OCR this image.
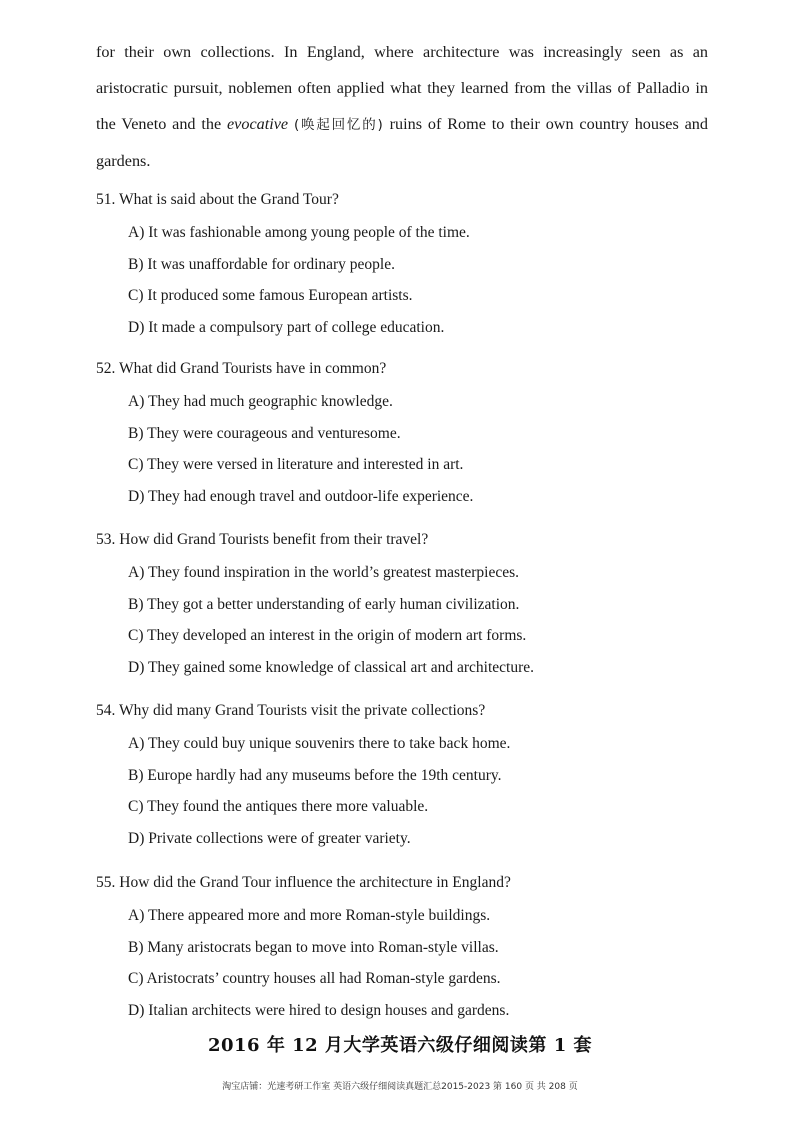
for their own collections. In England, where architecture was increasingly seen as an aristocratic pursuit, noblemen often applied what they learned from the villas of Palladio in the Veneto and the evocative (唤起回忆的) ruins of Rome to their own country houses and gardens.

51. What is said about the Grand Tour?
A) It was fashionable among young people of the time.
B) It was unaffordable for ordinary people.
C) It produced some famous European artists.
D) It made a compulsory part of college education.
52. What did Grand Tourists have in common?
A) They had much geographic knowledge.
B) They were courageous and venturesome.
C) They were versed in literature and interested in art.
D) They had enough travel and outdoor-life experience.
53. How did Grand Tourists benefit from their travel?
A) They found inspiration in the world’s greatest masterpieces.
B) They got a better understanding of early human civilization.
C) They developed an interest in the origin of modern art forms.
D) They gained some knowledge of classical art and architecture.
54. Why did many Grand Tourists visit the private collections?
A) They could buy unique souvenirs there to take back home.
B) Europe hardly had any museums before the 19th century.
C) They found the antiques there more valuable.
D) Private collections were of greater variety.
55. How did the Grand Tour influence the architecture in England?
A) There appeared more and more Roman-style buildings.
B) Many aristocrats began to move into Roman-style villas.
C) Aristocrats’ country houses all had Roman-style gardens.
D) Italian architects were hired to design houses and gardens.
2016 年 12 月大学英语六级仔细阅读第 1 套
淘宝店铺：光速考研工作室 英语六级仔细阅读真题汇总2015-2023 第 160 页 共 208 页
